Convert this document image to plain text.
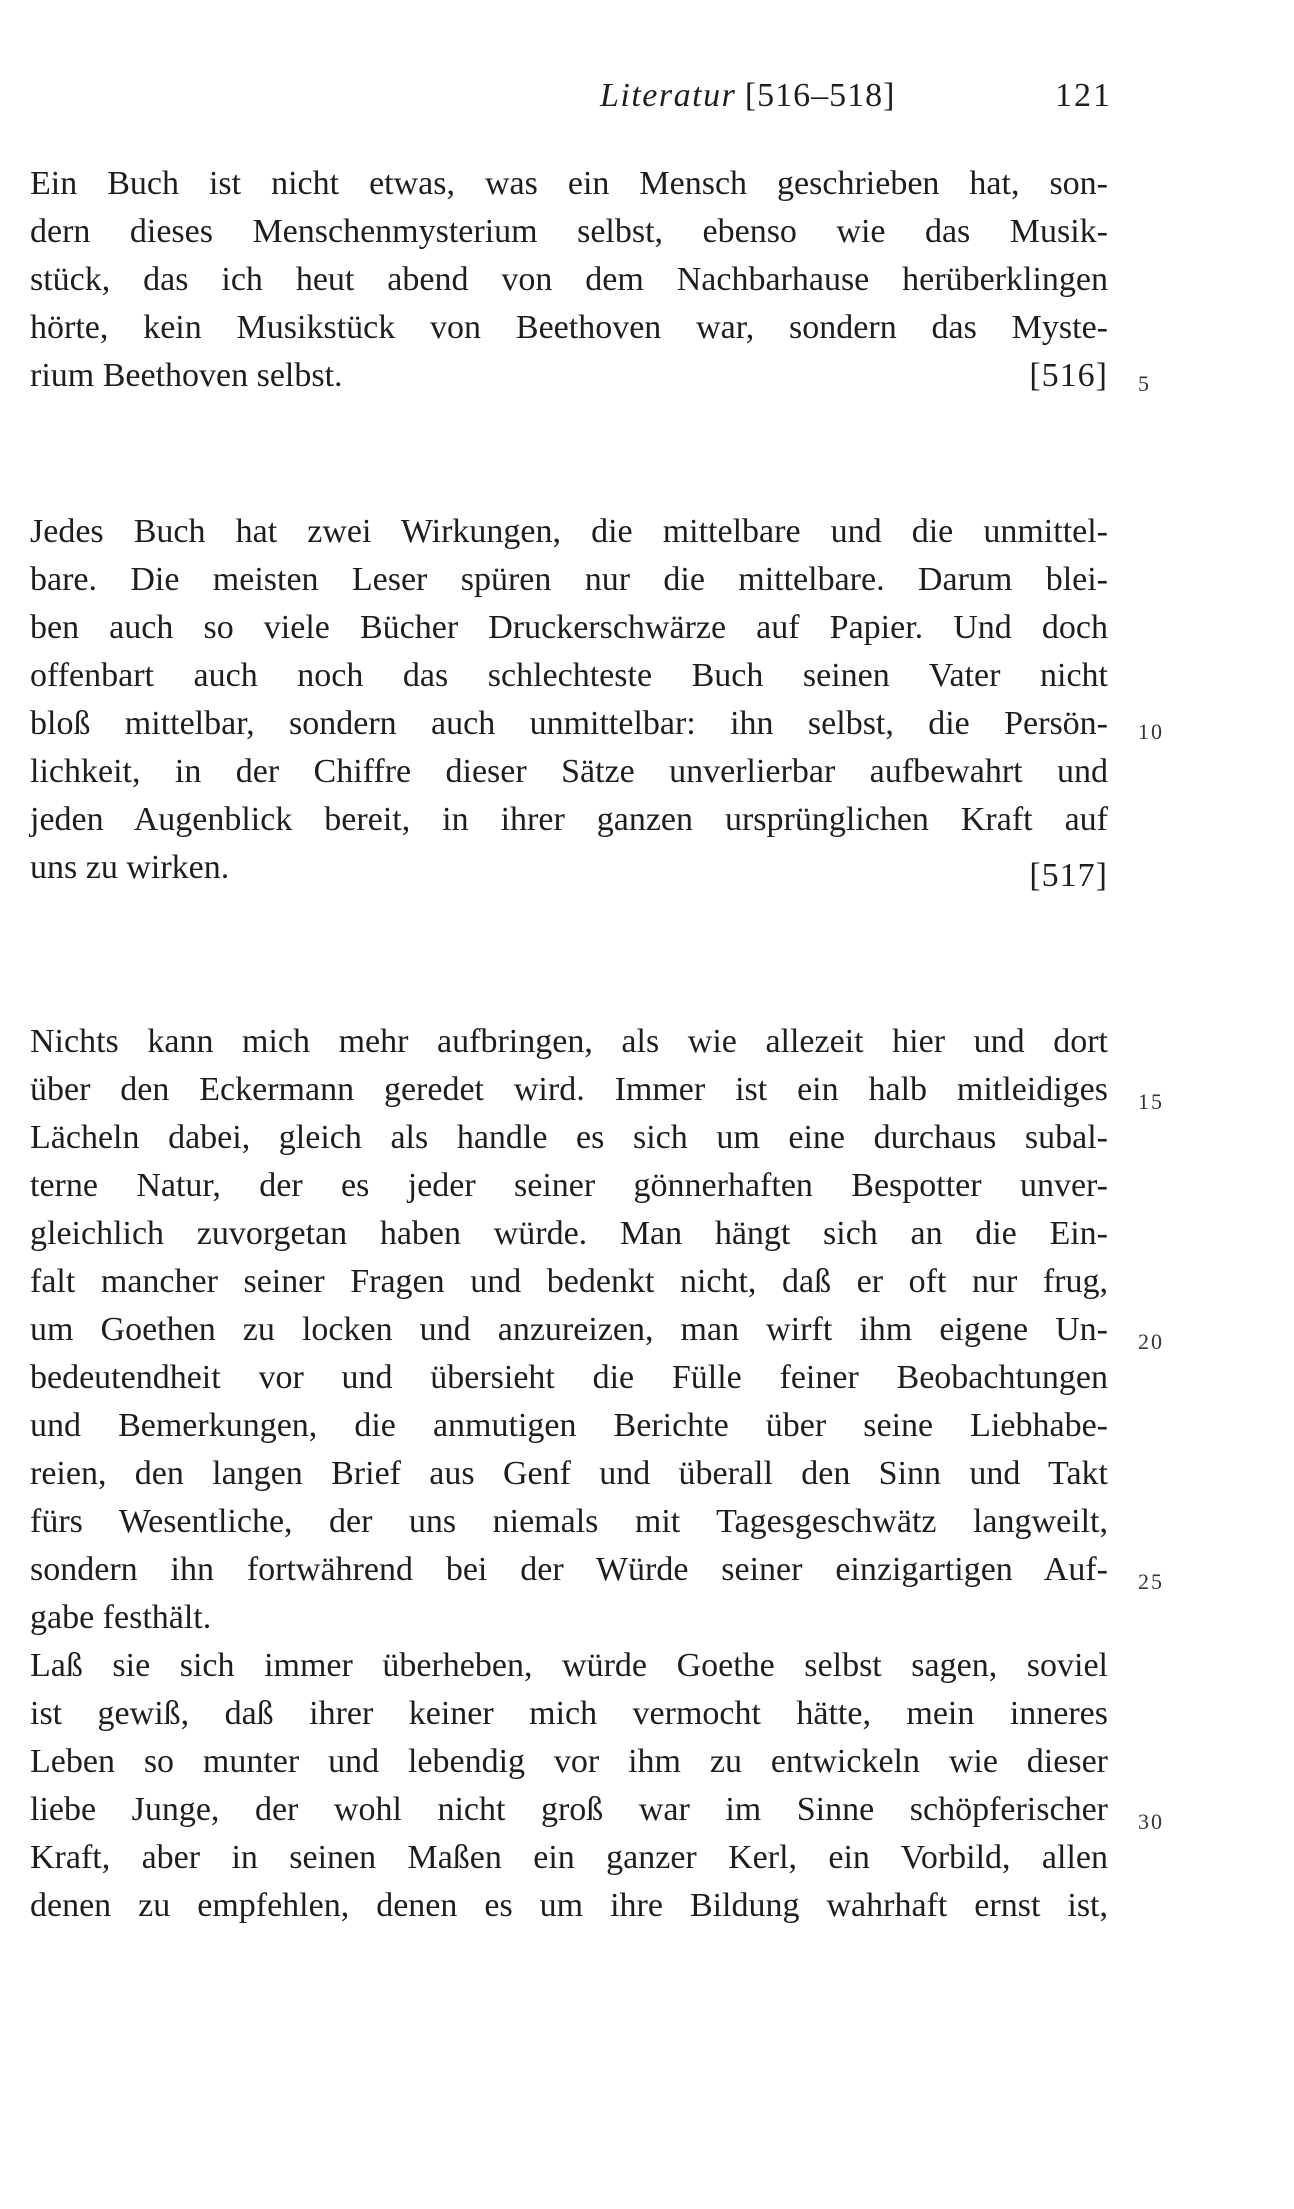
Literatur [516–518]	121
Ein Buch ist nicht etwas, was ein Mensch geschrieben hat, son-
dern dieses Menschenmysterium selbst, ebenso wie das Musik-
stück, das ich heut abend von dem Nachbarhause herüberklingen
hörte, kein Musikstück von Beethoven war, sondern das Myste-
rium Beethoven selbst.	[516]
Jedes Buch hat zwei Wirkungen, die mittelbare und die unmittel-
bare. Die meisten Leser spüren nur die mittelbare. Darum blei-
ben auch so viele Bücher Druckerschwärze auf Papier. Und doch
offenbart auch noch das schlechteste Buch seinen Vater nicht
bloß mittelbar, sondern auch unmittelbar: ihn selbst, die Persön-
lichkeit, in der Chiffre dieser Sätze unverlierbar aufbewahrt und
jeden Augenblick bereit, in ihrer ganzen ursprünglichen Kraft auf
uns zu wirken.	[517]
Nichts kann mich mehr aufbringen, als wie allezeit hier und dort
über den Eckermann geredet wird. Immer ist ein halb mitleidiges
Lächeln dabei, gleich als handle es sich um eine durchaus subal-
terne Natur, der es jeder seiner gönnerhaften Bespotter unver-
gleichlich zuvorgetan haben würde. Man hängt sich an die Ein-
falt mancher seiner Fragen und bedenkt nicht, daß er oft nur frug,
um Goethen zu locken und anzureizen, man wirft ihm eigene Un-
bedeutendheit vor und übersieht die Fülle feiner Beobachtungen
und Bemerkungen, die anmutigen Berichte über seine Liebhabe-
reien, den langen Brief aus Genf und überall den Sinn und Takt
fürs Wesentliche, der uns niemals mit Tagesgeschwätz langweilt,
sondern ihn fortwährend bei der Würde seiner einzigartigen Auf-
gabe festhält.
Laß sie sich immer überheben, würde Goethe selbst sagen, soviel
ist gewiß, daß ihrer keiner mich vermocht hätte, mein inneres
Leben so munter und lebendig vor ihm zu entwickeln wie dieser
liebe Junge, der wohl nicht groß war im Sinne schöpferischer
Kraft, aber in seinen Maßen ein ganzer Kerl, ein Vorbild, allen
denen zu empfehlen, denen es um ihre Bildung wahrhaft ernst ist,
5
10
15
20
25
30
